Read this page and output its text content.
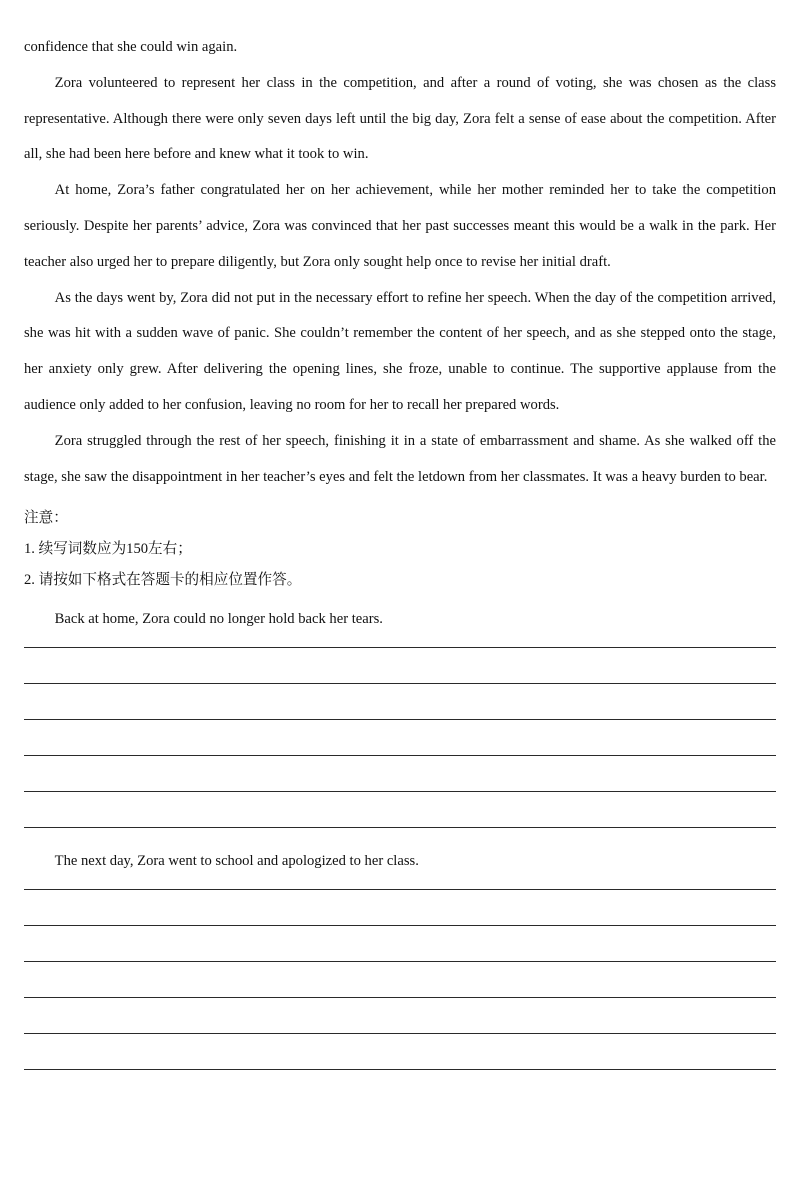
confidence that she could win again.

Zora volunteered to represent her class in the competition, and after a round of voting, she was chosen as the class representative. Although there were only seven days left until the big day, Zora felt a sense of ease about the competition. After all, she had been here before and knew what it took to win.

At home, Zora’s father congratulated her on her achievement, while her mother reminded her to take the competition seriously. Despite her parents’ advice, Zora was convinced that her past successes meant this would be a walk in the park. Her teacher also urged her to prepare diligently, but Zora only sought help once to revise her initial draft.

As the days went by, Zora did not put in the necessary effort to refine her speech. When the day of the competition arrived, she was hit with a sudden wave of panic. She couldn’t remember the content of her speech, and as she stepped onto the stage, her anxiety only grew. After delivering the opening lines, she froze, unable to continue. The supportive applause from the audience only added to her confusion, leaving no room for her to recall her prepared words.

Zora struggled through the rest of her speech, finishing it in a state of embarrassment and shame. As she walked off the stage, she saw the disappointment in her teacher’s eyes and felt the letdown from her classmates. It was a heavy burden to bear.

注意：

1. 续写词数应为150左右；

2. 请按如下格式在答题卡的相应位置作答。

Back at home, Zora could no longer hold back her tears.

The next day, Zora went to school and apologized to her class.
